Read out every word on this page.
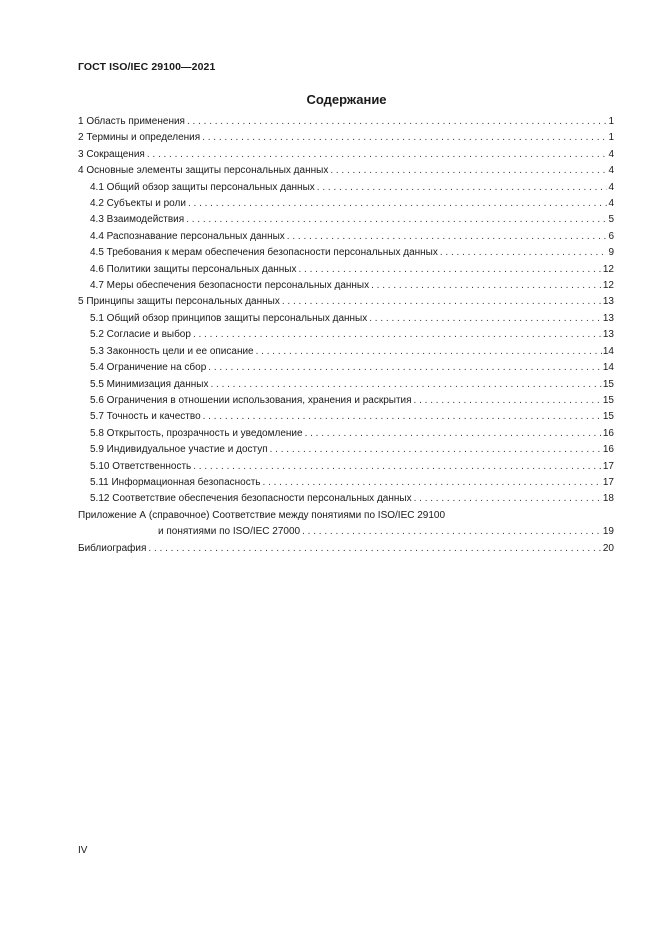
ГОСТ ISO/IEC 29100—2021
Содержание
1 Область применения . . .	1
2 Термины и определения . . .	1
3 Сокращения . . .	4
4 Основные элементы защиты персональных данных . . .	4
4.1 Общий обзор защиты персональных данных . . .	4
4.2 Субъекты и роли . . .	4
4.3 Взаимодействия . . .	5
4.4 Распознавание персональных данных . . .	6
4.5 Требования к мерам обеспечения безопасности персональных данных . . .	9
4.6 Политики защиты персональных данных . . .	12
4.7 Меры обеспечения безопасности персональных данных . . .	12
5 Принципы защиты персональных данных . . .	13
5.1 Общий обзор принципов защиты персональных данных . . .	13
5.2 Согласие и выбор . . .	13
5.3 Законность цели и ее описание . . .	14
5.4 Ограничение на сбор . . .	14
5.5 Минимизация данных . . .	15
5.6 Ограничения в отношении использования, хранения и раскрытия . . .	15
5.7 Точность и качество . . .	15
5.8 Открытость, прозрачность и уведомление . . .	16
5.9 Индивидуальное участие и доступ . . .	16
5.10 Ответственность . . .	17
5.11 Информационная безопасность . . .	17
5.12 Соответствие обеспечения безопасности персональных данных . . .	18
Приложение А (справочное) Соответствие между понятиями по ISO/IEC 29100
и понятиями по ISO/IEC 27000 . . .	19
Библиография . . .	20
IV
